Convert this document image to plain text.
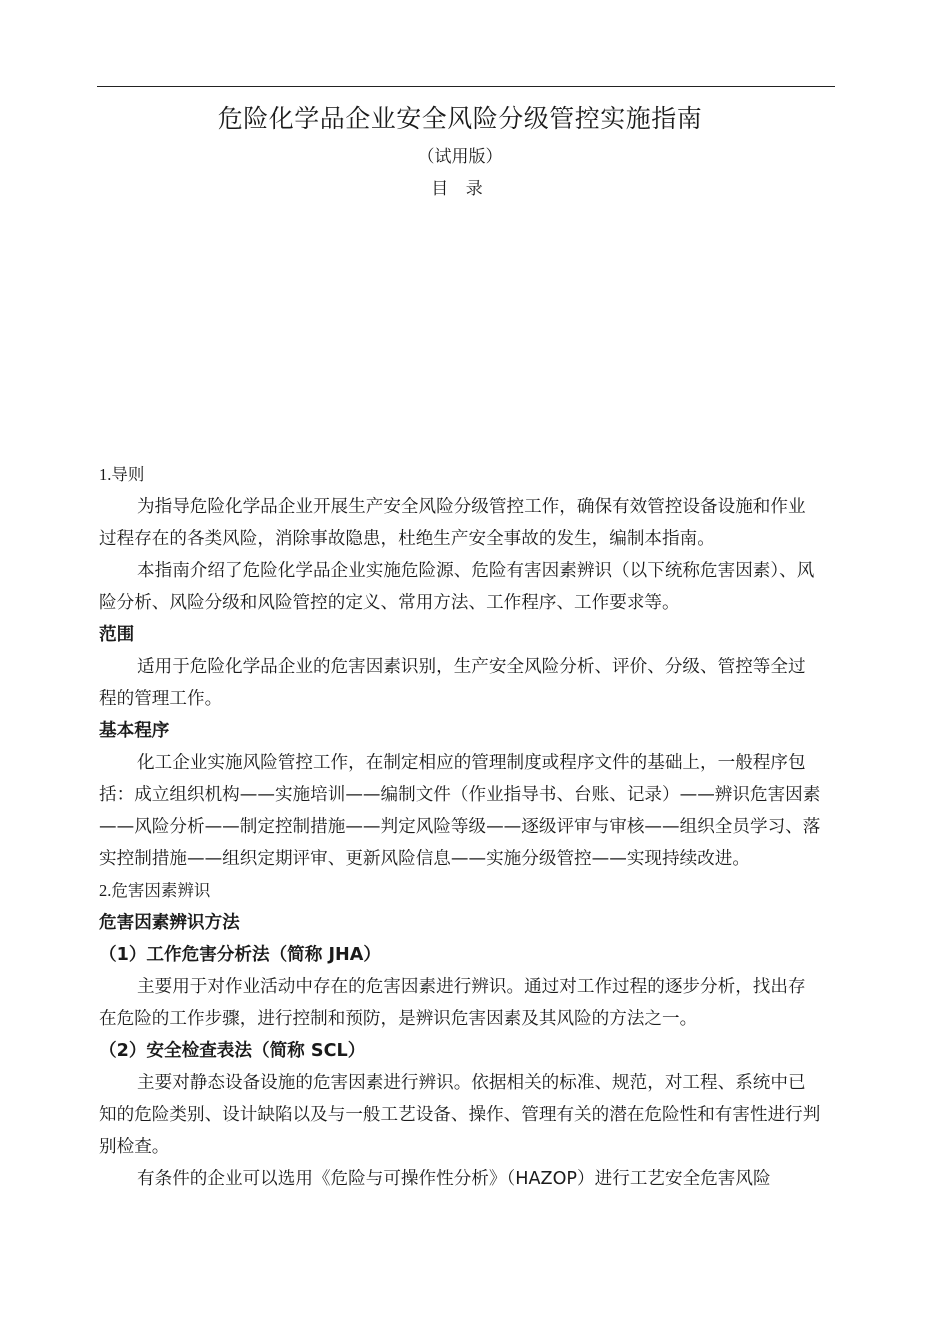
危险化学品企业安全风险分级管控实施指南
（试用版）
目 录

1.导则

为指导危险化学品企业开展生产安全风险分级管控工作，确保有效管控设备设施和作业过程存在的各类风险，消除事故隐患，杜绝生产安全事故的发生，编制本指南。

本指南介绍了危险化学品企业实施危险源、危险有害因素辨识（以下统称危害因素）、风险分析、风险分级和风险管控的定义、常用方法、工作程序、工作要求等。

范围

适用于危险化学品企业的危害因素识别，生产安全风险分析、评价、分级、管控等全过程的管理工作。

基本程序

化工企业实施风险管控工作，在制定相应的管理制度或程序文件的基础上，一般程序包括：成立组织机构——实施培训——编制文件（作业指导书、台账、记录）——辨识危害因素——风险分析——制定控制措施——判定风险等级——逐级评审与审核——组织全员学习、落实控制措施——组织定期评审、更新风险信息——实施分级管控——实现持续改进。

2.危害因素辨识

危害因素辨识方法

（1）工作危害分析法（简称 JHA）

主要用于对作业活动中存在的危害因素进行辨识。通过对工作过程的逐步分析，找出存在危险的工作步骤，进行控制和预防，是辨识危害因素及其风险的方法之一。

（2）安全检查表法（简称 SCL）

主要对静态设备设施的危害因素进行辨识。依据相关的标准、规范，对工程、系统中已知的危险类别、设计缺陷以及与一般工艺设备、操作、管理有关的潜在危险性和有害性进行判别检查。

有条件的企业可以选用《危险与可操作性分析》（HAZOP）进行工艺安全危害风险
